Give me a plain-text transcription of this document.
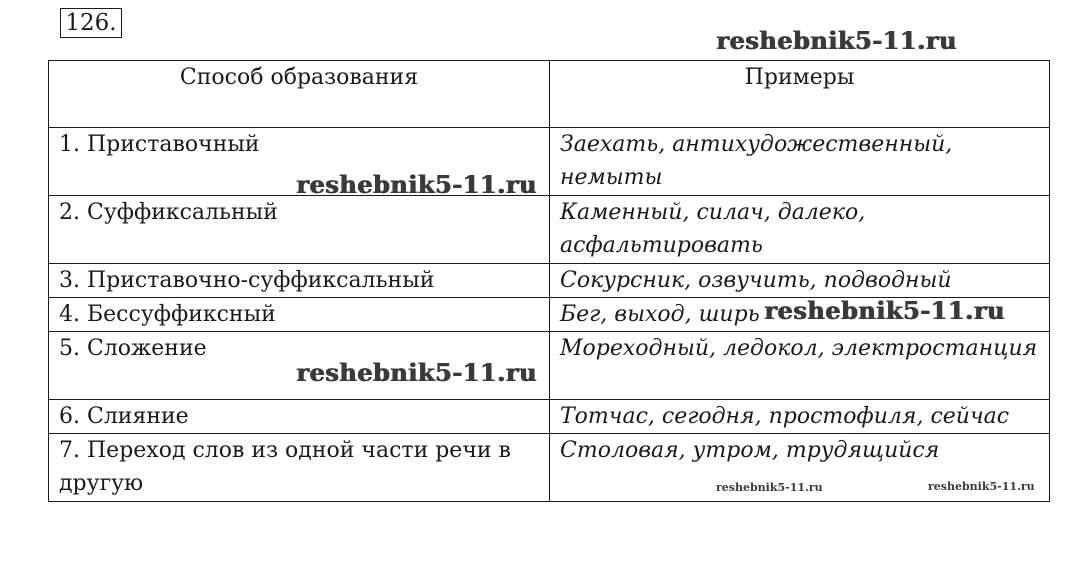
126.
Способ образования	Примеры
1. Приставочный	Заехать, антихудожественный, немыты
2. Суффиксальный	Каменный, силач, далеко, асфальтировать
3. Приставочно-суффиксальный	Сокурсник, озвучить, подводный
4. Бессуффиксный	Бег, выход, ширь
5. Сложение	Мореходный, ледокол, электростанция
6. Слияние	Тотчас, сегодня, простофиля, сейчас
7. Переход слов из одной части речи в другую	Столовая, утром, трудящийся
reshebnik5-11.ru
reshebnik5-11.ru
reshebnik5-11.ru
reshebnik5-11.ru
reshebnik5-11.ru	reshebnik5-11.ru
